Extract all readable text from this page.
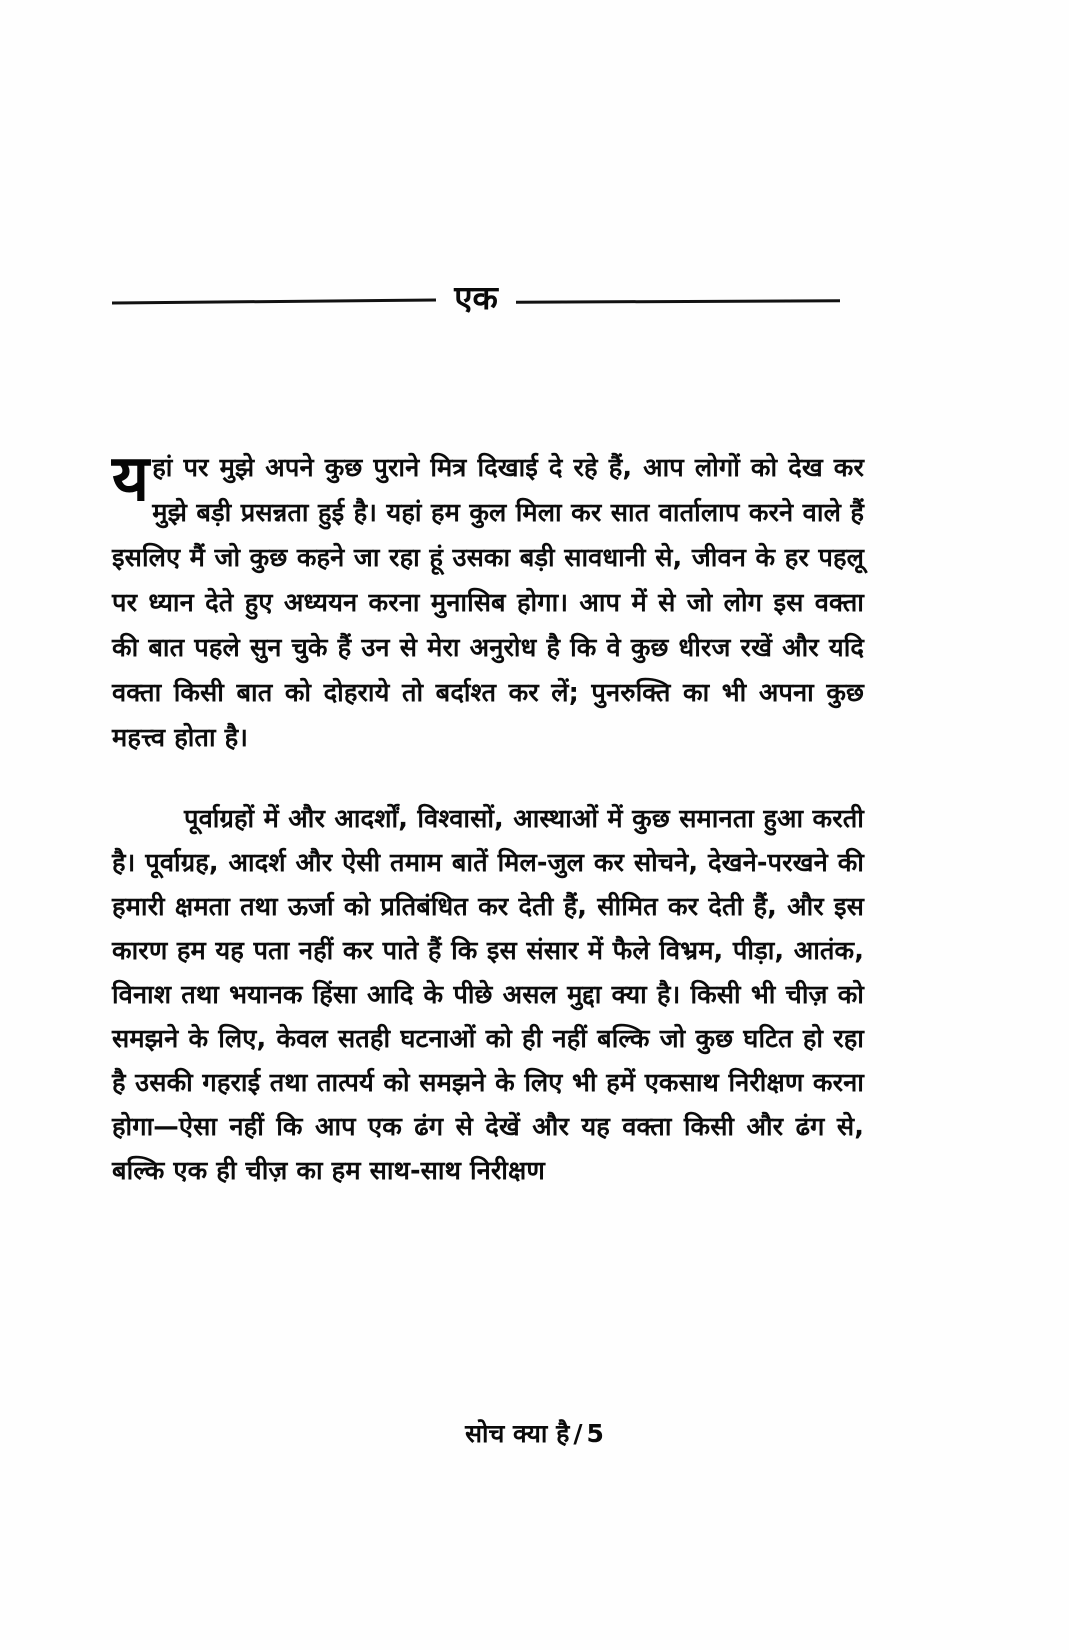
एक

यहां पर मुझे अपने कुछ पुराने मित्र दिखाई दे रहे हैं, आप लोगों को देख कर मुझे बड़ी प्रसन्नता हुई है। यहां हम कुल मिला कर सात वार्तालाप करने वाले हैं इसलिए मैं जो कुछ कहने जा रहा हूं उसका बड़ी सावधानी से, जीवन के हर पहलू पर ध्यान देते हुए अध्ययन करना मुनासिब होगा। आप में से जो लोग इस वक्ता की बात पहले सुन चुके हैं उन से मेरा अनुरोध है कि वे कुछ धीरज रखें और यदि वक्ता किसी बात को दोहराये तो बर्दाश्त कर लें; पुनरुक्ति का भी अपना कुछ महत्त्व होता है।

पूर्वाग्रहों में और आदर्शों, विश्वासों, आस्थाओं में कुछ समानता हुआ करती है। पूर्वाग्रह, आदर्श और ऐसी तमाम बातें मिल-जुल कर सोचने, देखने-परखने की हमारी क्षमता तथा ऊर्जा को प्रतिबंधित कर देती हैं, सीमित कर देती हैं, और इस कारण हम यह पता नहीं कर पाते हैं कि इस संसार में फैले विभ्रम, पीड़ा, आतंक, विनाश तथा भयानक हिंसा आदि के पीछे असल मुद्दा क्या है। किसी भी चीज़ को समझने के लिए, केवल सतही घटनाओं को ही नहीं बल्कि जो कुछ घटित हो रहा है उसकी गहराई तथा तात्पर्य को समझने के लिए भी हमें एकसाथ निरीक्षण करना होगा—ऐसा नहीं कि आप एक ढंग से देखें और यह वक्ता किसी और ढंग से, बल्कि एक ही चीज़ का हम साथ-साथ निरीक्षण

सोच क्या है / 5
